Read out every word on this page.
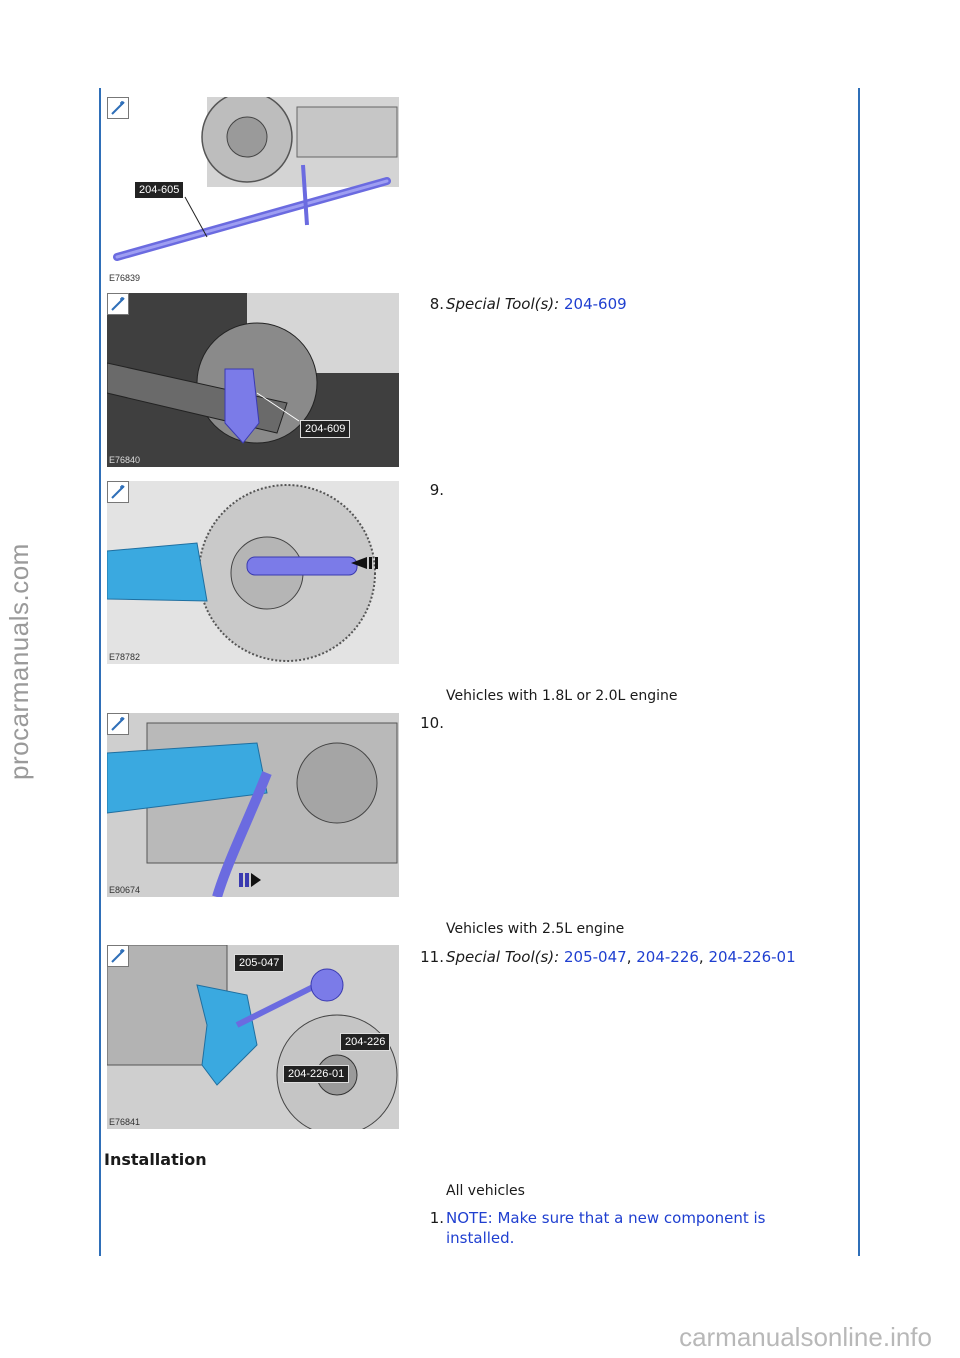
procarmanuals.com
carmanualsonline.info
204-605
E76839
204-609
E76840
E78782
E80674
205-047
204-226
204-226-01
E76841
8. Special Tool(s): 204-609
9.
Vehicles with 1.8L or 2.0L engine
10.
Vehicles with 2.5L engine
11. Special Tool(s): 205-047, 204-226, 204-226-01
Installation
All vehicles
1. NOTE: Make sure that a new component is
installed.
